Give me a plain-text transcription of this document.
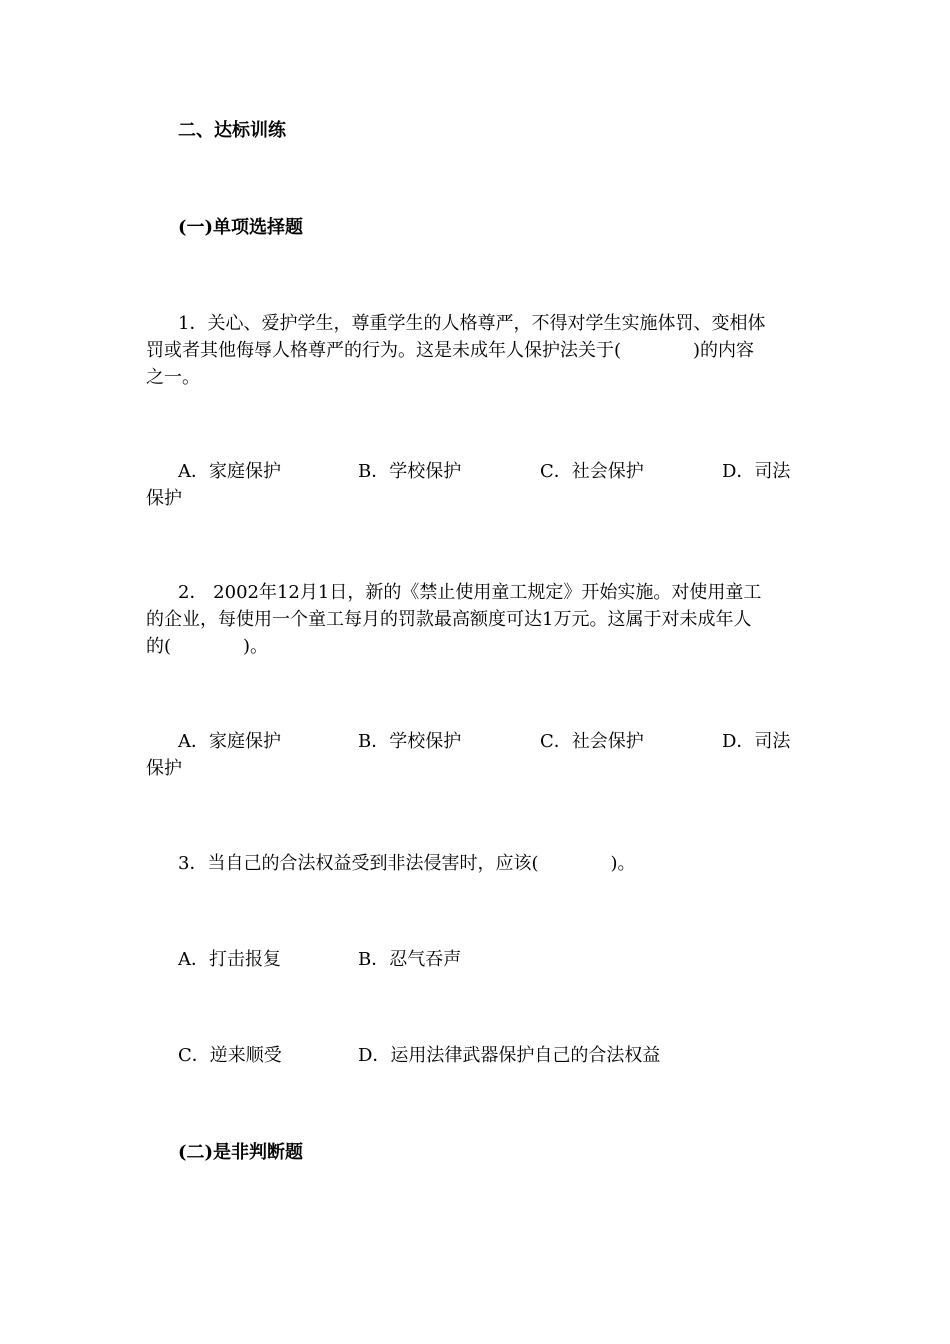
二、达标训练
(一)单项选择题
1．关心、爱护学生，尊重学生的人格尊严，不得对学生实施体罚、变相体
罚或者其他侮辱人格尊严的行为。这是未成年人保护法关于(　　　　)的内容
之一。
A．家庭保护	B．学校保护	C．社会保护	D．司法
保护
2． 2002年12月1日，新的《禁止使用童工规定》开始实施。对使用童工
的企业，每使用一个童工每月的罚款最高额度可达1万元。这属于对未成年人
的(　　　　)。
A．家庭保护	B．学校保护	C．社会保护	D．司法
保护
3．当自己的合法权益受到非法侵害时，应该(　　　　)。
A．打击报复	B．忍气吞声
C．逆来顺受	D．运用法律武器保护自己的合法权益
(二)是非判断题
